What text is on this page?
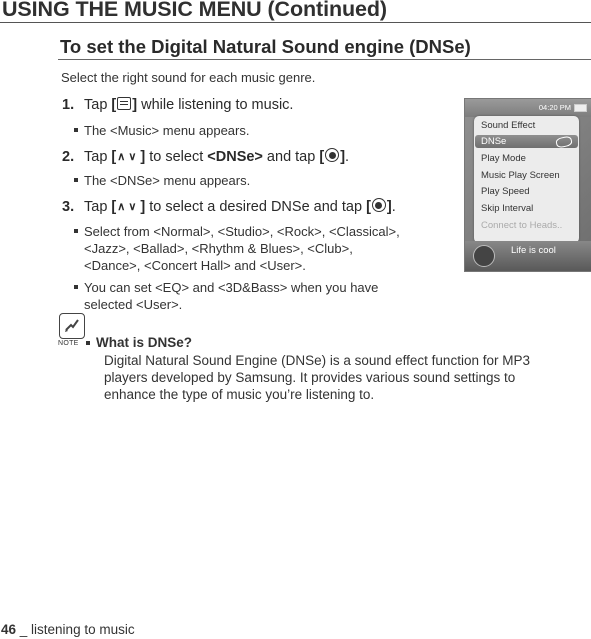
USING THE MUSIC MENU (Continued)
To set the Digital Natural Sound engine (DNSe)
Select the right sound for each music genre.
1. Tap [ ] while listening to music.
The <Music> menu appears.
2. Tap [∧∨] to select <DNSe> and tap [ ].
The <DNSe> menu appears.
3. Tap [∧∨] to select a desired DNSe and tap [ ].
Select from <Normal>, <Studio>, <Rock>, <Classical>,
<Jazz>, <Ballad>, <Rhythm & Blues>, <Club>,
<Dance>, <Concert Hall> and <User>.
You can set <EQ> and <3D&Bass> when you have
selected <User>.
NOTE What is DNSe?
Digital Natural Sound Engine (DNSe) is a sound effect function for MP3
players developed by Samsung. It provides various sound settings to
enhance the type of music you’re listening to.
04:20 PM
Sound Effect
DNSe
Play Mode
Music Play Screen
Play Speed
Skip Interval
Connect to Heads..
Life is cool
46 _ listening to music
